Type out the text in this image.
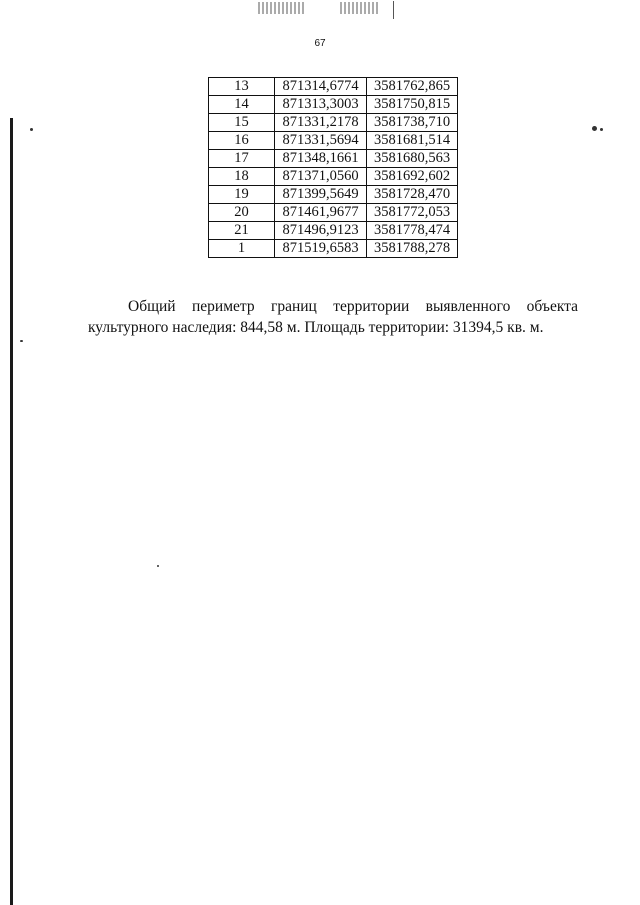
67
13	871314,6774	3581762,865
14	871313,3003	3581750,815
15	871331,2178	3581738,710
16	871331,5694	3581681,514
17	871348,1661	3581680,563
18	871371,0560	3581692,602
19	871399,5649	3581728,470
20	871461,9677	3581772,053
21	871496,9123	3581778,474
1	871519,6583	3581788,278

Общий периметр границ территории выявленного объекта культурного наследия: 844,58 м. Площадь территории: 31394,5 кв. м.
